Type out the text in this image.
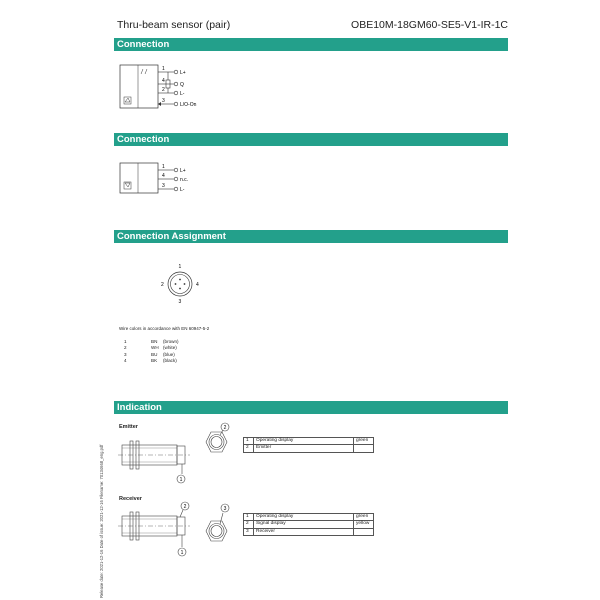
Thru-beam sensor (pair)	OBE10M-18GM60-SE5-V1-IR-1C
Connection
Connection
Connection Assignment
Indication
1
4
2
3
L+
Q
L-
L/O-On
1
4
3
L+
n.c.
L-
1
2
3
4
Wire colors in accordance with EN 60947-5-2
1	BN	(brown)
2	WH	(white)
3	BU	(blue)
4	BK	(black)
Emitter
1
2
1	Operating display	green
2	Emitter	
Receiver
2
1
3
1	Operating display	green
2	Signal display	yellow
3	Receiver	
Release date: 2021-12-16 Date of issue: 2021-12-16 Filename: 70134668_eng.pdf
